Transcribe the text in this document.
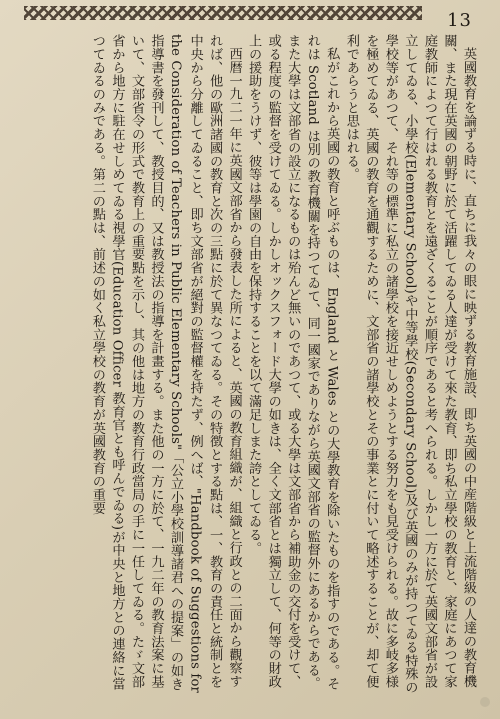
13

英國教育を論ずる時に、直ちに我々の眼に映ずる教育施設、即ち英國の中産階級と上流階級の人達の教育機關、また現在英國の朝野に於て活躍してゐる人達が受けて來た教育、即ち私立學校の教育と、家庭にあつて家庭教師によつて行はれる教育とを遠ざくることが順序であると考へられる。しかし一方に於て英國文部省が設立してゐる、小學校(Elementary School)や中等學校(Secondary School)及び英國のみが持つてゐる特殊の學校等があつて、それ等の標準に私立の諸學校を接近せしめようとする努力をも見受けられる。故に多岐多様を極めてゐる、英國の教育を通觀するために、文部省の諸學校とその事業とに付いて略述することが、却て便利であらうと思はれる。

私がこれから英國の教育と呼ぶものは、England と Wales との大學教育を除いたものを指すのである。それは Scotland は別の教育機關を持つてゐて、同一國家でありながら英國文部省の監督外にあるからである。また大學は文部省の設立になるものは殆んど無いのであつて、或る大學は文部省から補助金の交付を受けて、或る程度の監督を受けてゐる。しかしオックスフォード大學の如きは、全く文部省とは獨立して、何等の財政上の援助をうけず、彼等は學園の自由を保持することを以て滿足しまた誇としてゐる。

西暦一九二一年に英國文部省から發表した所によると、英國の教育組織が、組織と行政との二面から觀察すれば、他の歐洲諸國の教育と次の三點に於て異なつてゐる。その特徴とする點は、一、教育の責任と統制とを中央から分離してゐること、即ち文部省が絕對の監督權を持たず、例へば、"Handbook of Suggestions for the Consideration of Teachers in Public Elementary Schools"「公立小學校訓導諸君への提案」の如き指導書を發刊して、教授目的、又は教授法の指導を計畫する。また他の一方に於て、一九二年の教育法案に基いて、文部省令の形式で教育上の重要點を示し、其の他は地方の教育行政當局の手に一任してゐる。たゞ文部省から地方に駐在せしめてゐる視學官(Education Officer 教育官とも呼んでゐる)が中央と地方との連絡に當つてゐるのみである。第二の點は、前述の如く私立學校の教育が英國教育の重要
